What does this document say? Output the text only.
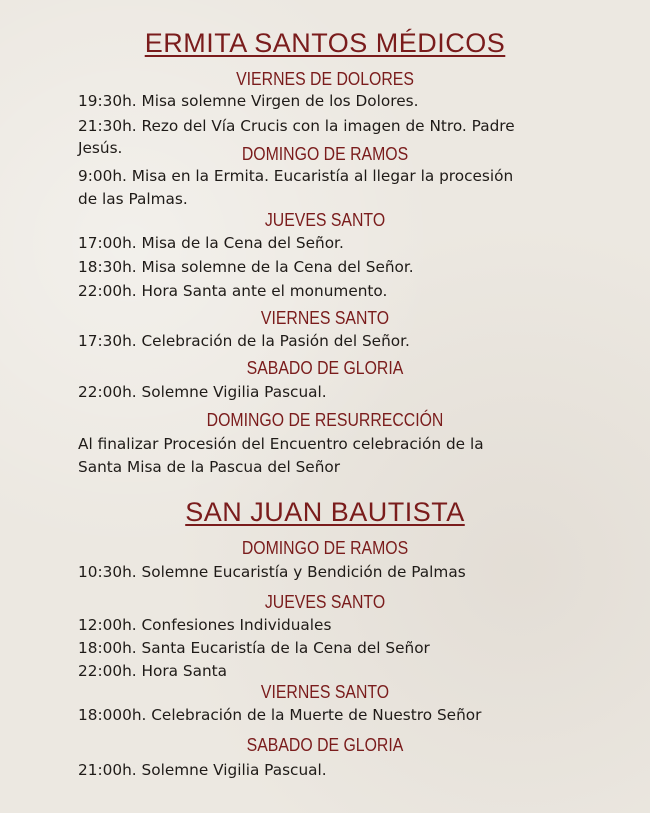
ERMITA SANTOS MÉDICOS
VIERNES DE DOLORES
19:30h. Misa solemne Virgen de los Dolores.
21:30h. Rezo del Vía Crucis con la imagen de Ntro. Padre
Jesús.	DOMINGO DE RAMOS
9:00h. Misa en la Ermita. Eucaristía al llegar la procesión
de las Palmas.
JUEVES SANTO
17:00h. Misa de la Cena del Señor.
18:30h. Misa solemne de la Cena del Señor.
22:00h. Hora Santa ante el monumento.
VIERNES SANTO
17:30h. Celebración de la Pasión del Señor.
SABADO DE GLORIA
22:00h. Solemne Vigilia Pascual.
DOMINGO DE RESURRECCIÓN
Al finalizar Procesión del Encuentro celebración de la
Santa Misa de la Pascua del Señor
SAN JUAN BAUTISTA
DOMINGO DE RAMOS
10:30h. Solemne Eucaristía y Bendición de Palmas
JUEVES SANTO
12:00h. Confesiones Individuales
18:00h. Santa Eucaristía de la Cena del Señor
22:00h. Hora Santa
VIERNES SANTO
18:000h. Celebración de la Muerte de Nuestro Señor
SABADO DE GLORIA
21:00h. Solemne Vigilia Pascual.
